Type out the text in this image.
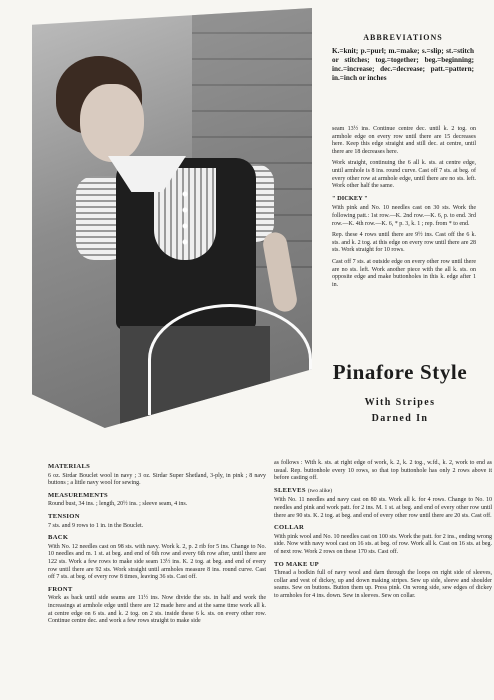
ABBREVIATIONS
K.=knit; p.=purl; m.=make; s.=slip; st.=stitch or stitches; tog.=together; beg.=beginning; inc.=increase; dec.=decrease; patt.=pattern; in.=inch or inches

seam 13½ ins. Continue centre dec. until k. 2 tog. on armhole edge on every row until there are 15 decreases here. Keep this edge straight and still dec. at centre, until there are 18 decreases here.

Work straight, continuing the 6 all k. sts. at centre edge, until armhole is 8 ins. round curve. Cast off 7 sts. at beg. of every other row at armhole edge, until there are no sts. left. Work other half the same.

" DICKEY "

With pink and No. 10 needles cast on 30 sts. Work the following patt.: 1st row.—K. 2nd row.—K. 6, p. to end. 3rd row.—K. 4th row.—K. 6, * p. 3, k. 1 ; rep. from * to end.

Rep. these 4 rows until there are 9½ ins. Cast off the 6 k. sts. and k. 2 tog. at this edge on every row until there are 28 sts. Work straight for 10 rows.

Cast off 7 sts. at outside edge on every other row until there are no sts. left. Work another piece with the all k. sts. on opposite edge and make buttonholes in this k. edge after 1 in.

Pinafore Style
With Stripes
Darned In
MATERIALS

6 oz. Sirdar Bouclet wool in navy ; 3 oz. Sirdar Super Shetland, 3-ply, in pink ; 8 navy buttons ; a little navy wool for sewing.

MEASUREMENTS

Round bust, 34 ins. ; length, 20½ ins. ; sleeve seam, 4 ins.

TENSION

7 sts. and 9 rows to 1 in. in the Bouclet.

BACK

With No. 12 needles cast on 98 sts. with navy. Work k. 2, p. 2 rib for 5 ins. Change to No. 10 needles and m. 1 st. at beg. and end of 6th row and every 6th row after, until there are 122 sts. Work a few rows to make side seam 13½ ins. K. 2 tog. at beg. and end of every row until there are 92 sts. Work straight until armholes measure 8 ins. round curve. Cast off 7 sts. at beg. of every row 8 times, leaving 36 sts. Cast off.

FRONT

Work as back until side seams are 11½ ins. Now divide the sts. in half and work the increasings at armhole edge until there are 12 made here and at the same time work all k. at centre edge on 6 sts. and k. 2 tog. on 2 sts. inside these 6 k. sts. on every other row. Continue centre dec. and work a few rows straight to make side

as follows : With k. sts. at right edge of work, k. 2, k. 2 tog., w.fd., k. 2, work to end as usual. Rep. buttonhole every 10 rows, so that top buttonhole has only 2 rows above it before casting off.

SLEEVES (two alike)

With No. 11 needles and navy cast on 80 sts. Work all k. for 4 rows. Change to No. 10 needles and pink and work patt. for 2 ins. M. 1 st. at beg. and end of every other row until there are 90 sts. K. 2 tog. at beg. and end of every other row until there are 20 sts. Cast off.

COLLAR

With pink wool and No. 10 needles cast on 100 sts. Work the patt. for 2 ins., ending wrong side. Now with navy wool cast on 16 sts. at beg. of row. Work all k. Cast on 16 sts. at beg. of next row. Work 2 rows on these 170 sts. Cast off.

TO MAKE UP

Thread a bodkin full of navy wool and darn through the loops on right side of sleeves, collar and vest of dickey, up and down making stripes. Sew up side, sleeve and shoulder seams. Sew on buttons. Button them up. Press pink. On wrong side, sew edges of dickey to armholes for 4 ins. down. Sew in sleeves. Sew on collar.
